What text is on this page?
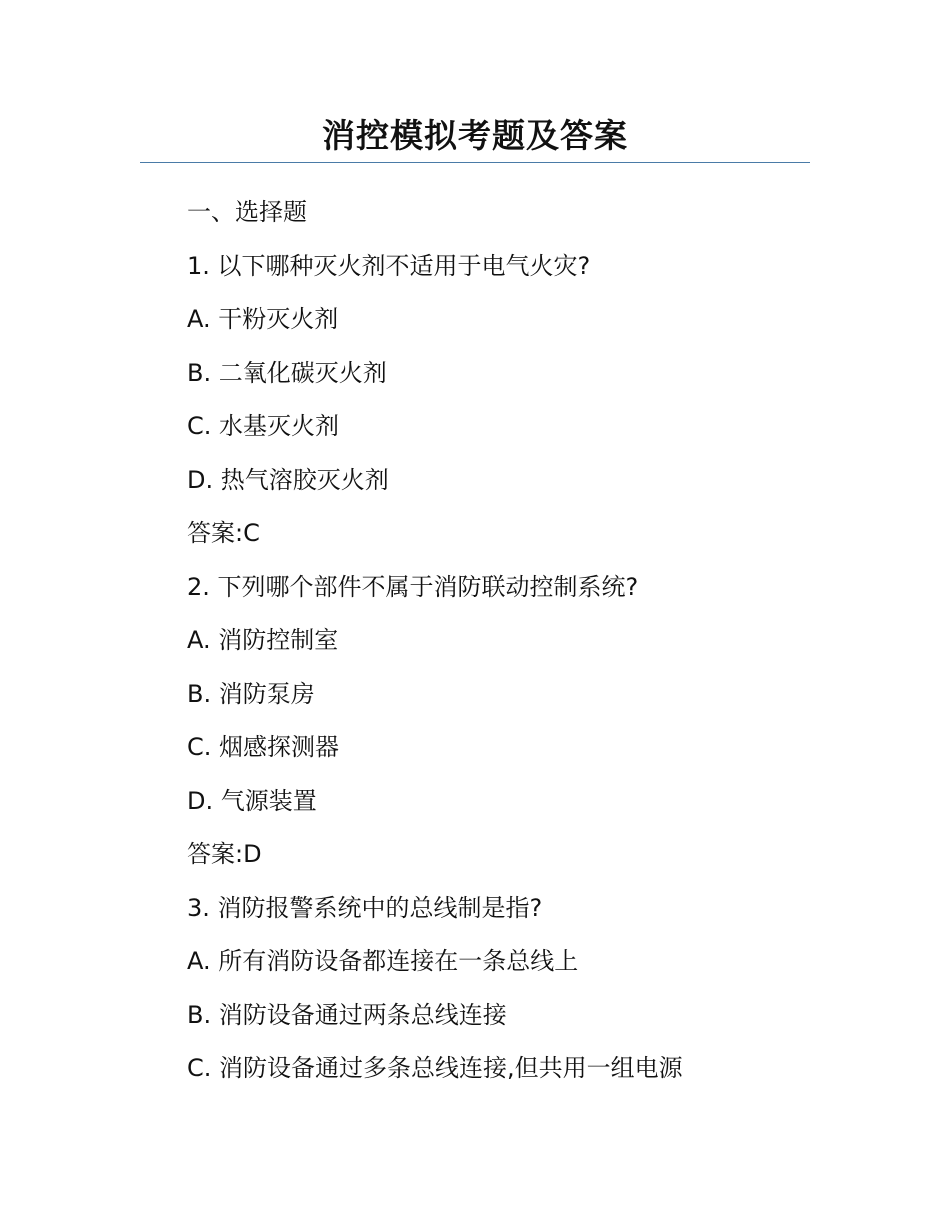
消控模拟考题及答案
一、选择题
1. 以下哪种灭火剂不适用于电气火灾?
A. 干粉灭火剂
B. 二氧化碳灭火剂
C. 水基灭火剂
D. 热气溶胶灭火剂
答案:C
2. 下列哪个部件不属于消防联动控制系统?
A. 消防控制室
B. 消防泵房
C. 烟感探测器
D. 气源装置
答案:D
3. 消防报警系统中的总线制是指?
A. 所有消防设备都连接在一条总线上
B. 消防设备通过两条总线连接
C. 消防设备通过多条总线连接,但共用一组电源
